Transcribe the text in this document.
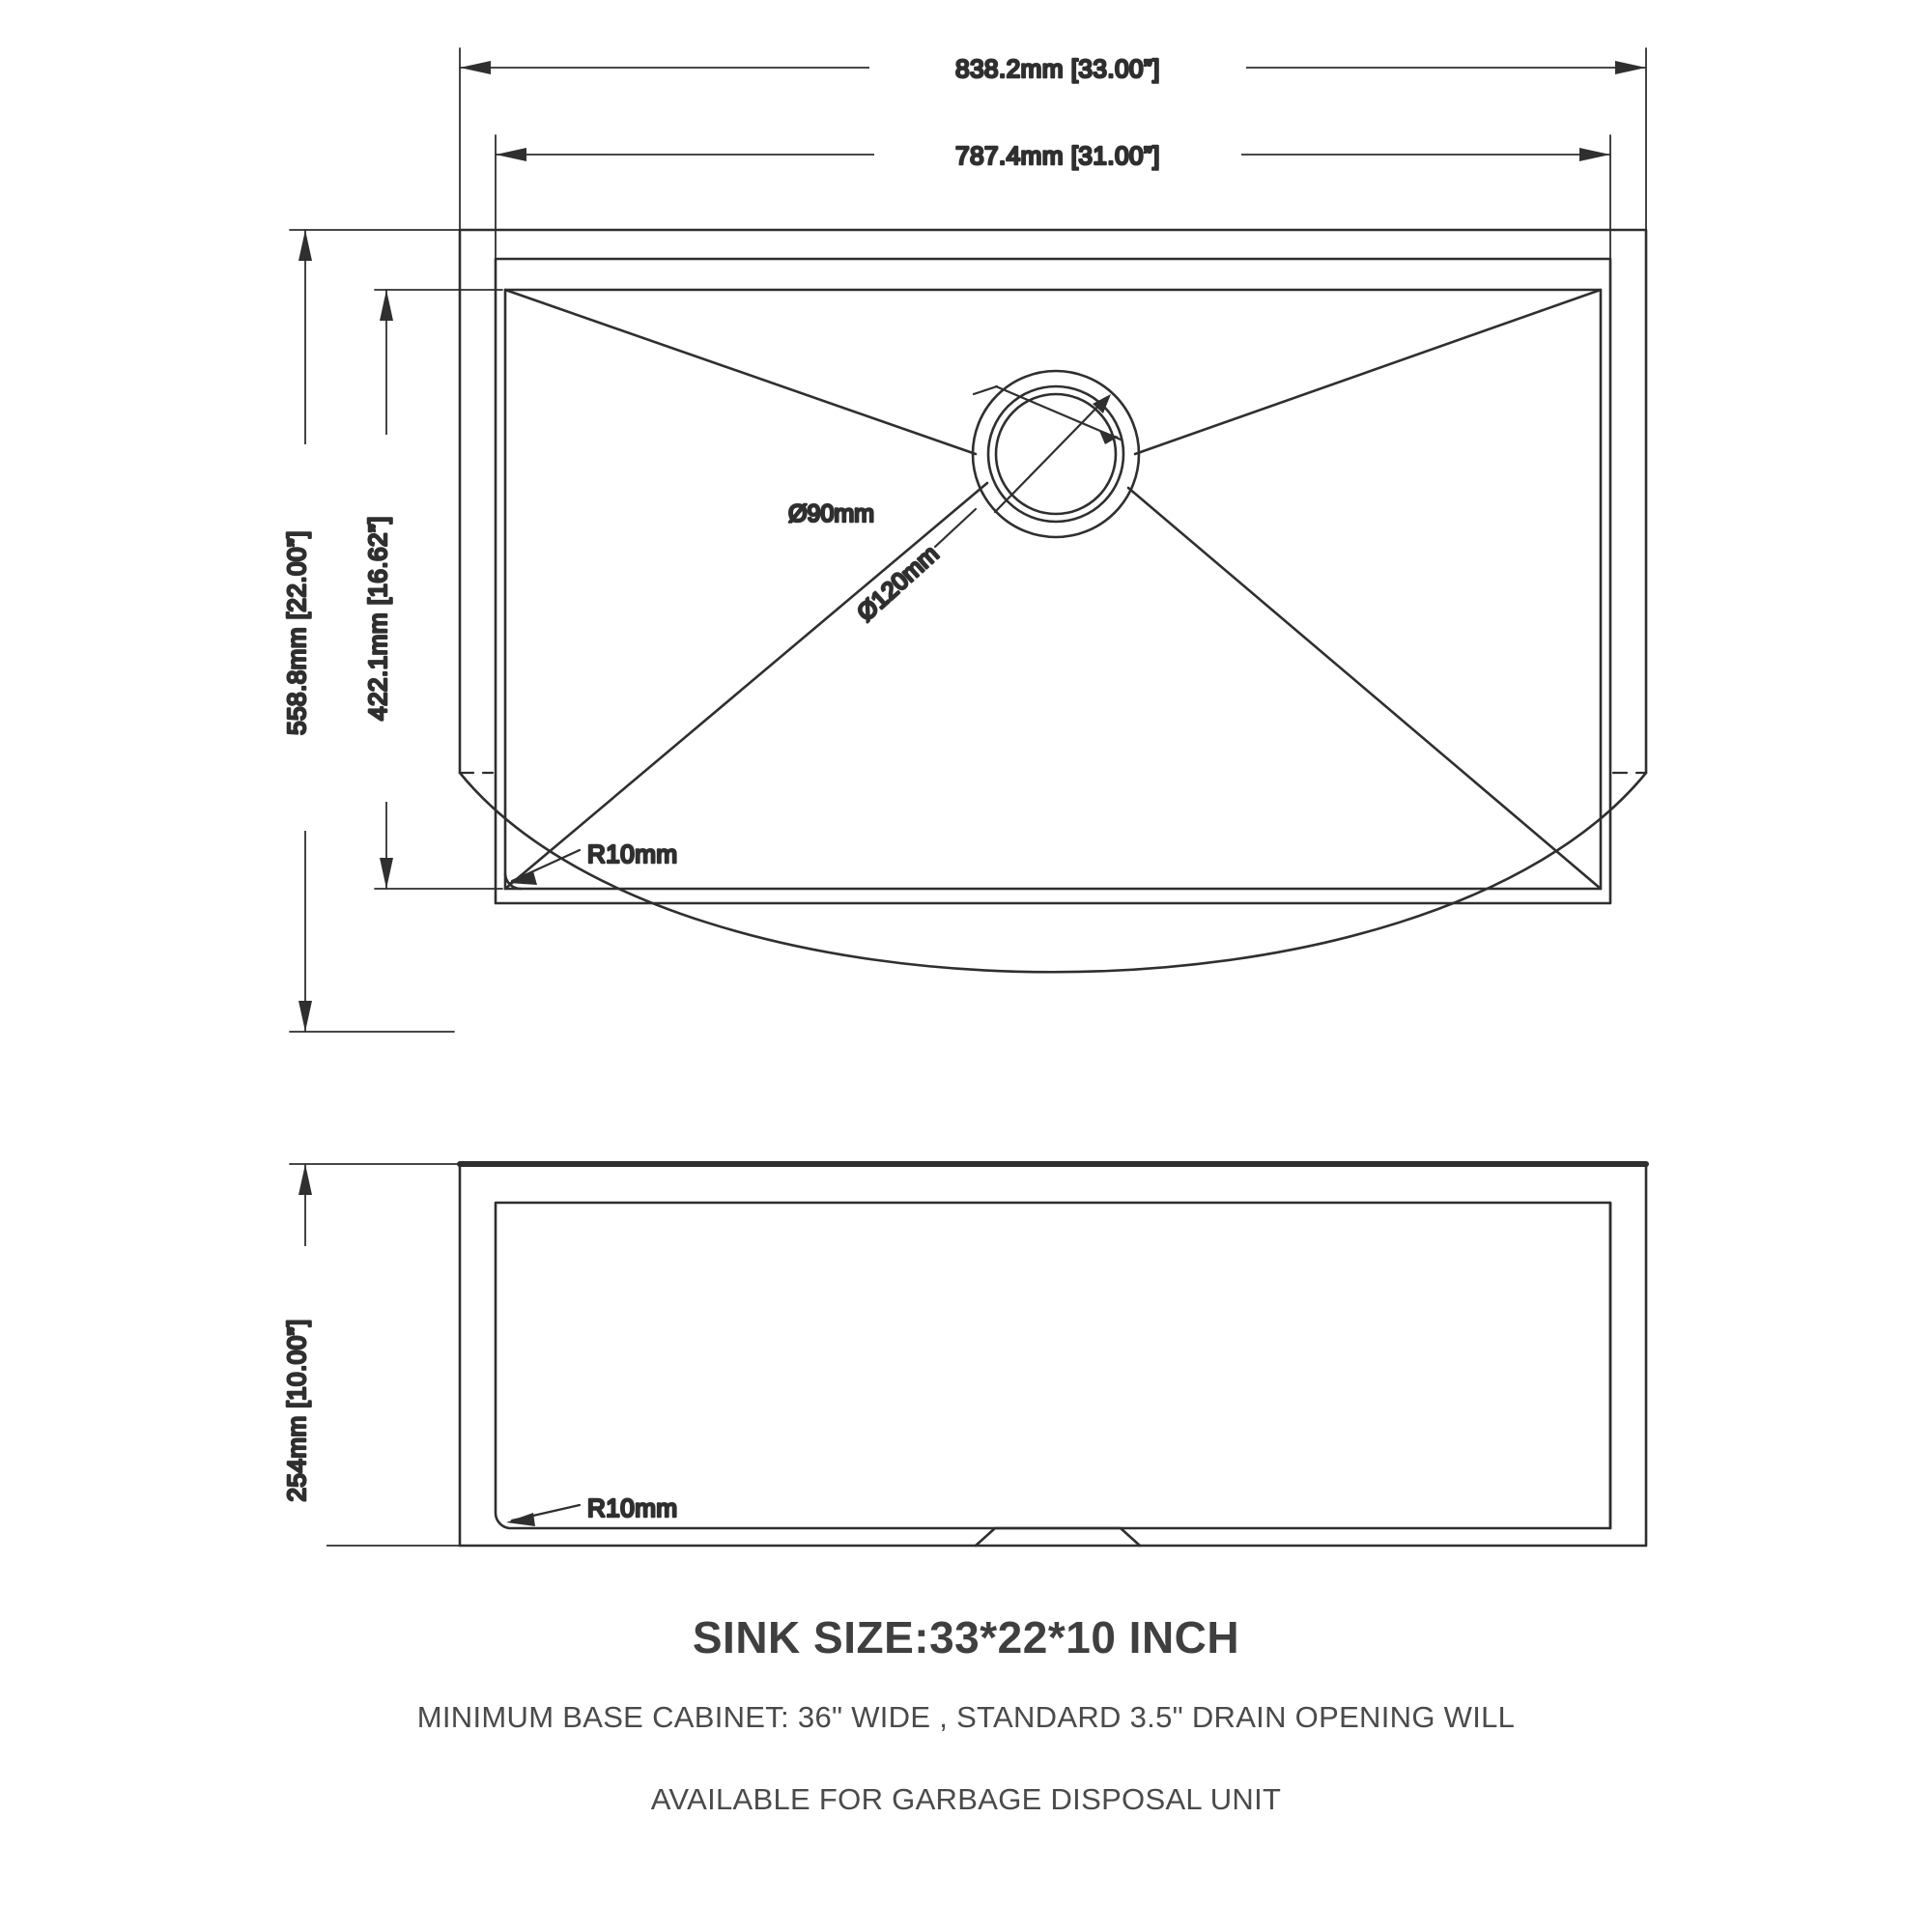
838.2mm [33.00”]
787.4mm [31.00”]
558.8mm [22.00”] 422.1mm [16.62”]
R10mm
Ø90mm
Ø120mm
254mm [10.00”]
R10mm
SINK SIZE:33*22*10 INCH
MINIMUM BASE CABINET: 36" WIDE , STANDARD 3.5" DRAIN OPENING WILL
AVAILABLE FOR GARBAGE DISPOSAL UNIT
